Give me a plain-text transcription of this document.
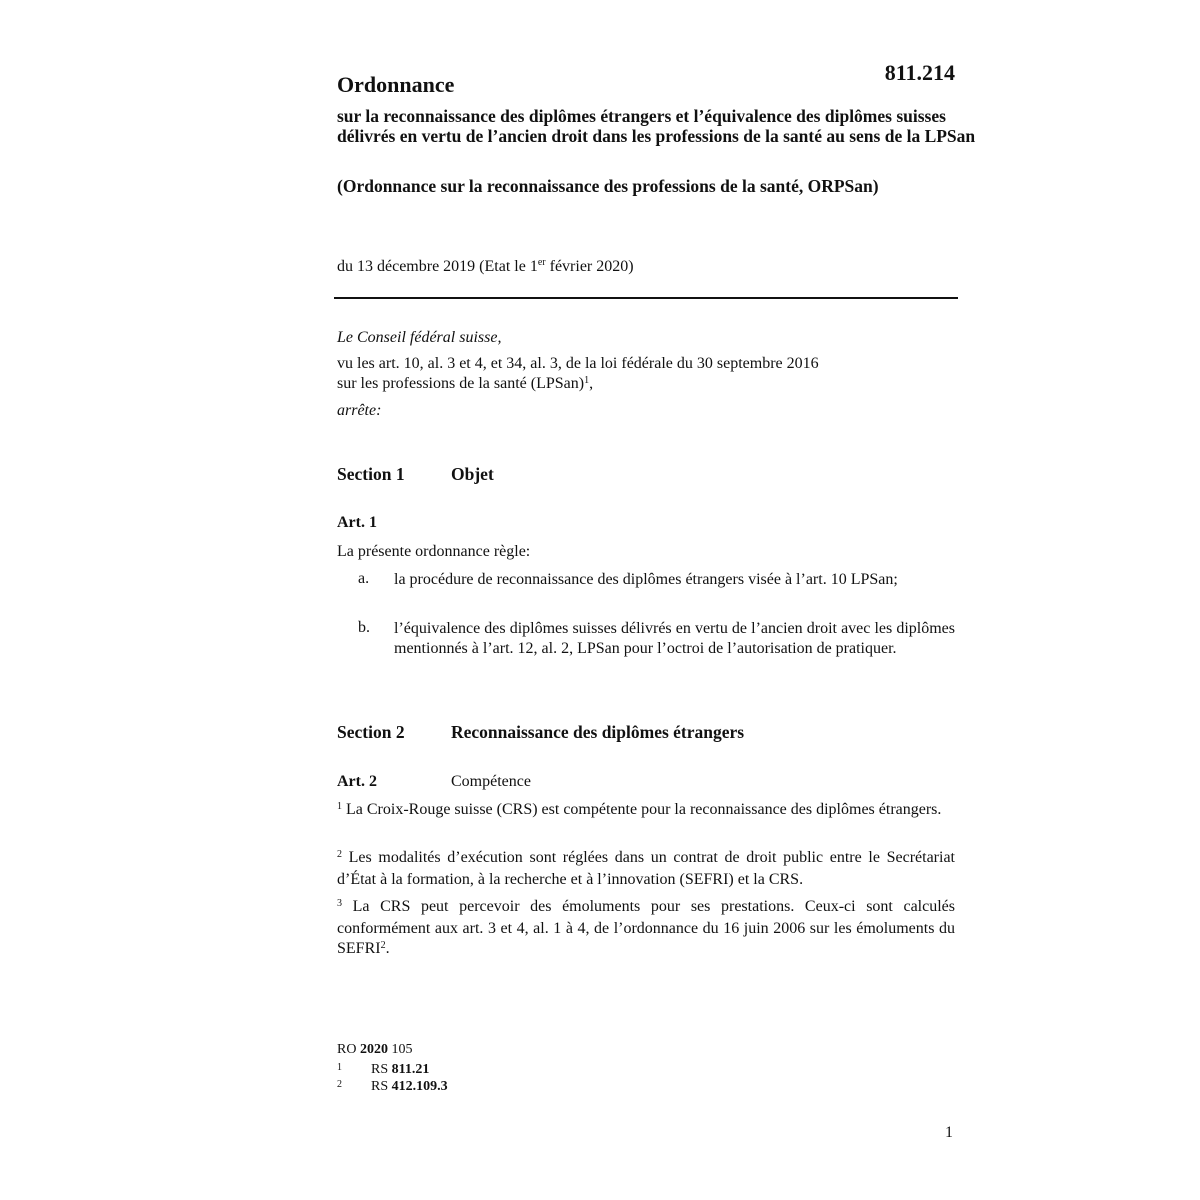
811.214
Ordonnance
sur la reconnaissance des diplômes étrangers et l’équivalence des diplômes suisses délivrés en vertu de l’ancien droit dans les professions de la santé au sens de la LPSan
(Ordonnance sur la reconnaissance des professions de la santé, ORPSan)
du 13 décembre 2019 (Etat le 1er février 2020)
Le Conseil fédéral suisse,
vu les art. 10, al. 3 et 4, et 34, al. 3, de la loi fédérale du 30 septembre 2016
sur les professions de la santé (LPSan)$^1$,
arrête:
Section 1	Objet
Art. 1
La présente ordonnance règle:
a. la procédure de reconnaissance des diplômes étrangers visée à l’art. 10 LPSan;
b. l’équivalence des diplômes suisses délivrés en vertu de l’ancien droit avec les diplômes mentionnés à l’art. 12, al. 2, LPSan pour l’octroi de l’autorisation de pratiquer.
Section 2	Reconnaissance des diplômes étrangers
Art. 2	Compétence
$^1$ La Croix-Rouge suisse (CRS) est compétente pour la reconnaissance des diplômes étrangers.
$^2$ Les modalités d’exécution sont réglées dans un contrat de droit public entre le Secrétariat d’État à la formation, à la recherche et à l’innovation (SEFRI) et la CRS.
$^3$ La CRS peut percevoir des émoluments pour ses prestations. Ceux-ci sont calculés conformément aux art. 3 et 4, al. 1 à 4, de l’ordonnance du 16 juin 2006 sur les émoluments du SEFRI$^2$.
RO 2020 105
1 RS 811.21
2 RS 412.109.3
1
